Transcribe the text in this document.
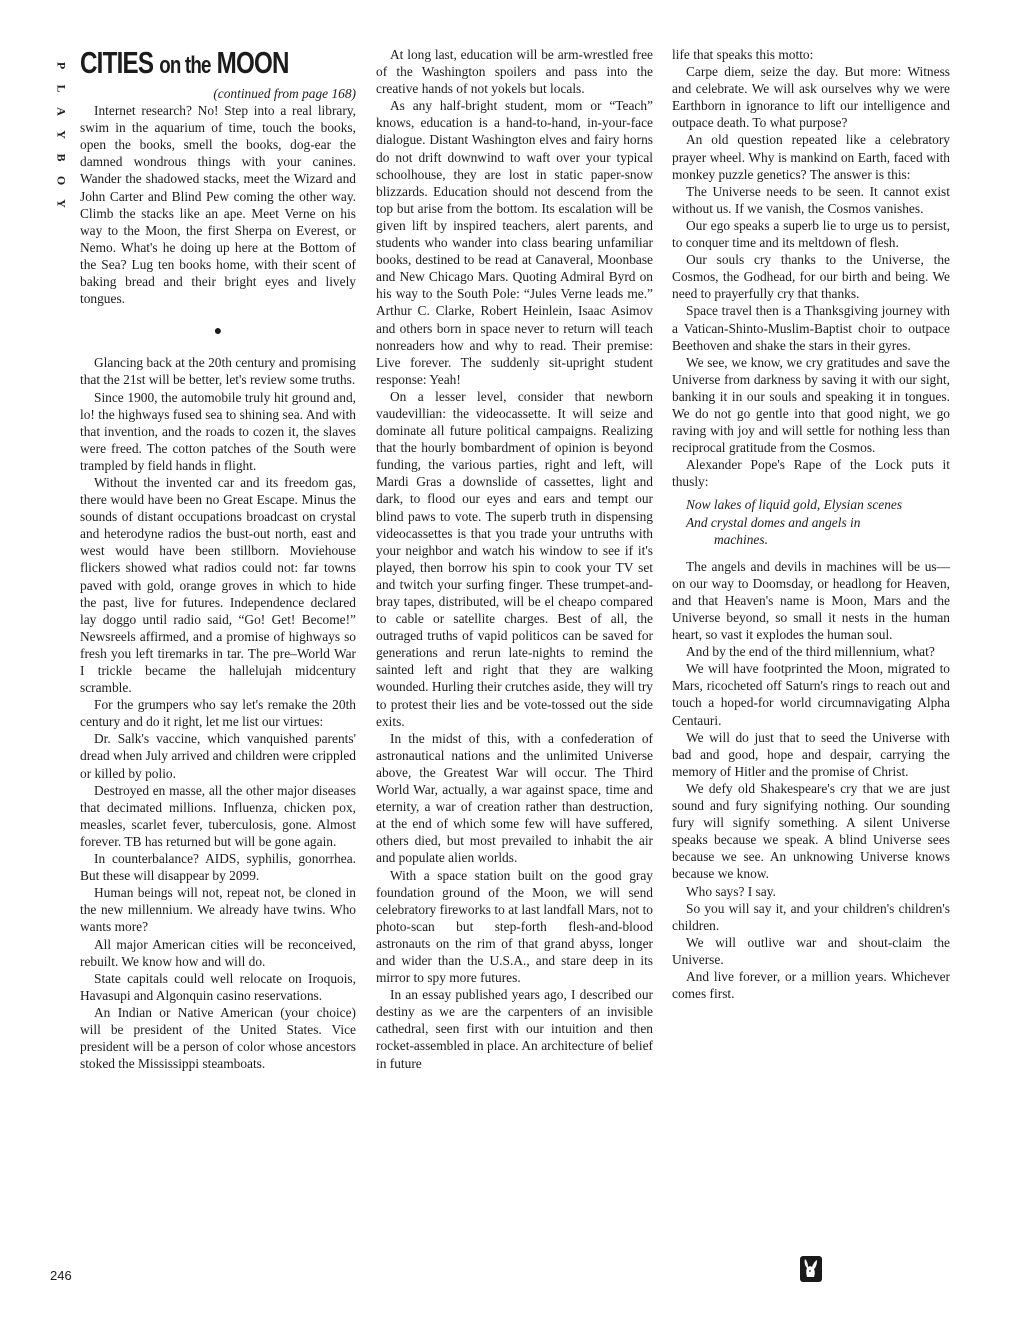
P
L
A
Y
B
O
Y
CITIES on the MOON

(continued from page 168)

Internet research? No! Step into a real library, swim in the aquarium of time, touch the books, open the books, smell the books, dog-ear the damned wondrous things with your canines. Wander the shadowed stacks, meet the Wizard and John Carter and Blind Pew coming the other way. Climb the stacks like an ape. Meet Verne on his way to the Moon, the first Sherpa on Everest, or Nemo. What's he doing up here at the Bottom of the Sea? Lug ten books home, with their scent of baking bread and their bright eyes and lively tongues.

●

Glancing back at the 20th century and promising that the 21st will be better, let's review some truths.

Since 1900, the automobile truly hit ground and, lo! the highways fused sea to shining sea. And with that invention, and the roads to cozen it, the slaves were freed. The cotton patches of the South were trampled by field hands in flight.

Without the invented car and its freedom gas, there would have been no Great Escape. Minus the sounds of distant occupations broadcast on crystal and heterodyne radios the bust-out north, east and west would have been stillborn. Moviehouse flickers showed what radios could not: far towns paved with gold, orange groves in which to hide the past, live for futures. Independence declared lay doggo until radio said, “Go! Get! Become!” Newsreels affirmed, and a promise of highways so fresh you left tiremarks in tar. The pre–World War I trickle became the hallelujah midcentury scramble.

For the grumpers who say let's remake the 20th century and do it right, let me list our virtues:

Dr. Salk's vaccine, which vanquished parents' dread when July arrived and children were crippled or killed by polio.

Destroyed en masse, all the other major diseases that decimated millions. Influenza, chicken pox, measles, scarlet fever, tuberculosis, gone. Almost forever. TB has returned but will be gone again.

In counterbalance? AIDS, syphilis, gonorrhea. But these will disappear by 2099.

Human beings will not, repeat not, be cloned in the new millennium. We already have twins. Who wants more?

All major American cities will be reconceived, rebuilt. We know how and will do.

State capitals could well relocate on Iroquois, Havasupi and Algonquin casino reservations.

An Indian or Native American (your choice) will be president of the United States. Vice president will be a person of color whose ancestors stoked the Mississippi steamboats.

At long last, education will be arm-wrestled free of the Washington spoilers and pass into the creative hands of not yokels but locals.

As any half-bright student, mom or “Teach” knows, education is a hand-to-hand, in-your-face dialogue. Distant Washington elves and fairy horns do not drift downwind to waft over your typical schoolhouse, they are lost in static paper-snow blizzards. Education should not descend from the top but arise from the bottom. Its escalation will be given lift by inspired teachers, alert parents, and students who wander into class bearing unfamiliar books, destined to be read at Canaveral, Moonbase and New Chicago Mars. Quoting Admiral Byrd on his way to the South Pole: “Jules Verne leads me.” Arthur C. Clarke, Robert Heinlein, Isaac Asimov and others born in space never to return will teach nonreaders how and why to read. Their premise: Live forever. The suddenly sit-upright student response: Yeah!

On a lesser level, consider that newborn vaudevillian: the videocassette. It will seize and dominate all future political campaigns. Realizing that the hourly bombardment of opinion is beyond funding, the various parties, right and left, will Mardi Gras a downslide of cassettes, light and dark, to flood our eyes and ears and tempt our blind paws to vote. The superb truth in dispensing videocassettes is that you trade your untruths with your neighbor and watch his window to see if it's played, then borrow his spin to cook your TV set and twitch your surfing finger. These trumpet-and-bray tapes, distributed, will be el cheapo compared to cable or satellite charges. Best of all, the outraged truths of vapid politicos can be saved for generations and rerun late-nights to remind the sainted left and right that they are walking wounded. Hurling their crutches aside, they will try to protest their lies and be vote-tossed out the side exits.

In the midst of this, with a confederation of astronautical nations and the unlimited Universe above, the Greatest War will occur. The Third World War, actually, a war against space, time and eternity, a war of creation rather than destruction, at the end of which some few will have suffered, others died, but most prevailed to inhabit the air and populate alien worlds.

With a space station built on the good gray foundation ground of the Moon, we will send celebratory fireworks to at last landfall Mars, not to photo-scan but step-forth flesh-and-blood astronauts on the rim of that grand abyss, longer and wider than the U.S.A., and stare deep in its mirror to spy more futures.

In an essay published years ago, I described our destiny as we are the carpenters of an invisible cathedral, seen first with our intuition and then rocket-assembled in place. An architecture of belief in future

life that speaks this motto:

Carpe diem, seize the day. But more: Witness and celebrate. We will ask ourselves why we were Earthborn in ignorance to lift our intelligence and outpace death. To what purpose?

An old question repeated like a celebratory prayer wheel. Why is mankind on Earth, faced with monkey puzzle genetics? The answer is this:

The Universe needs to be seen. It cannot exist without us. If we vanish, the Cosmos vanishes.

Our ego speaks a superb lie to urge us to persist, to conquer time and its meltdown of flesh.

Our souls cry thanks to the Universe, the Cosmos, the Godhead, for our birth and being. We need to prayerfully cry that thanks.

Space travel then is a Thanksgiving journey with a Vatican-Shinto-Muslim-Baptist choir to outpace Beethoven and shake the stars in their gyres.

We see, we know, we cry gratitudes and save the Universe from darkness by saving it with our sight, banking it in our souls and speaking it in tongues. We do not go gentle into that good night, we go raving with joy and will settle for nothing less than reciprocal gratitude from the Cosmos.

Alexander Pope's Rape of the Lock puts it thusly:

Now lakes of liquid gold, Elysian scenes
And crystal domes and angels in
machines.

The angels and devils in machines will be us—on our way to Doomsday, or headlong for Heaven, and that Heaven's name is Moon, Mars and the Universe beyond, so small it nests in the human heart, so vast it explodes the human soul.

And by the end of the third millennium, what?

We will have footprinted the Moon, migrated to Mars, ricocheted off Saturn's rings to reach out and touch a hoped-for world circumnavigating Alpha Centauri.

We will do just that to seed the Universe with bad and good, hope and despair, carrying the memory of Hitler and the promise of Christ.

We defy old Shakespeare's cry that we are just sound and fury signifying nothing. Our sounding fury will signify something. A silent Universe speaks because we speak. A blind Universe sees because we see. An unknowing Universe knows because we know.

Who says? I say.

So you will say it, and your children's children's children.

We will outlive war and shout-claim the Universe.

And live forever, or a million years. Whichever comes first.

246
